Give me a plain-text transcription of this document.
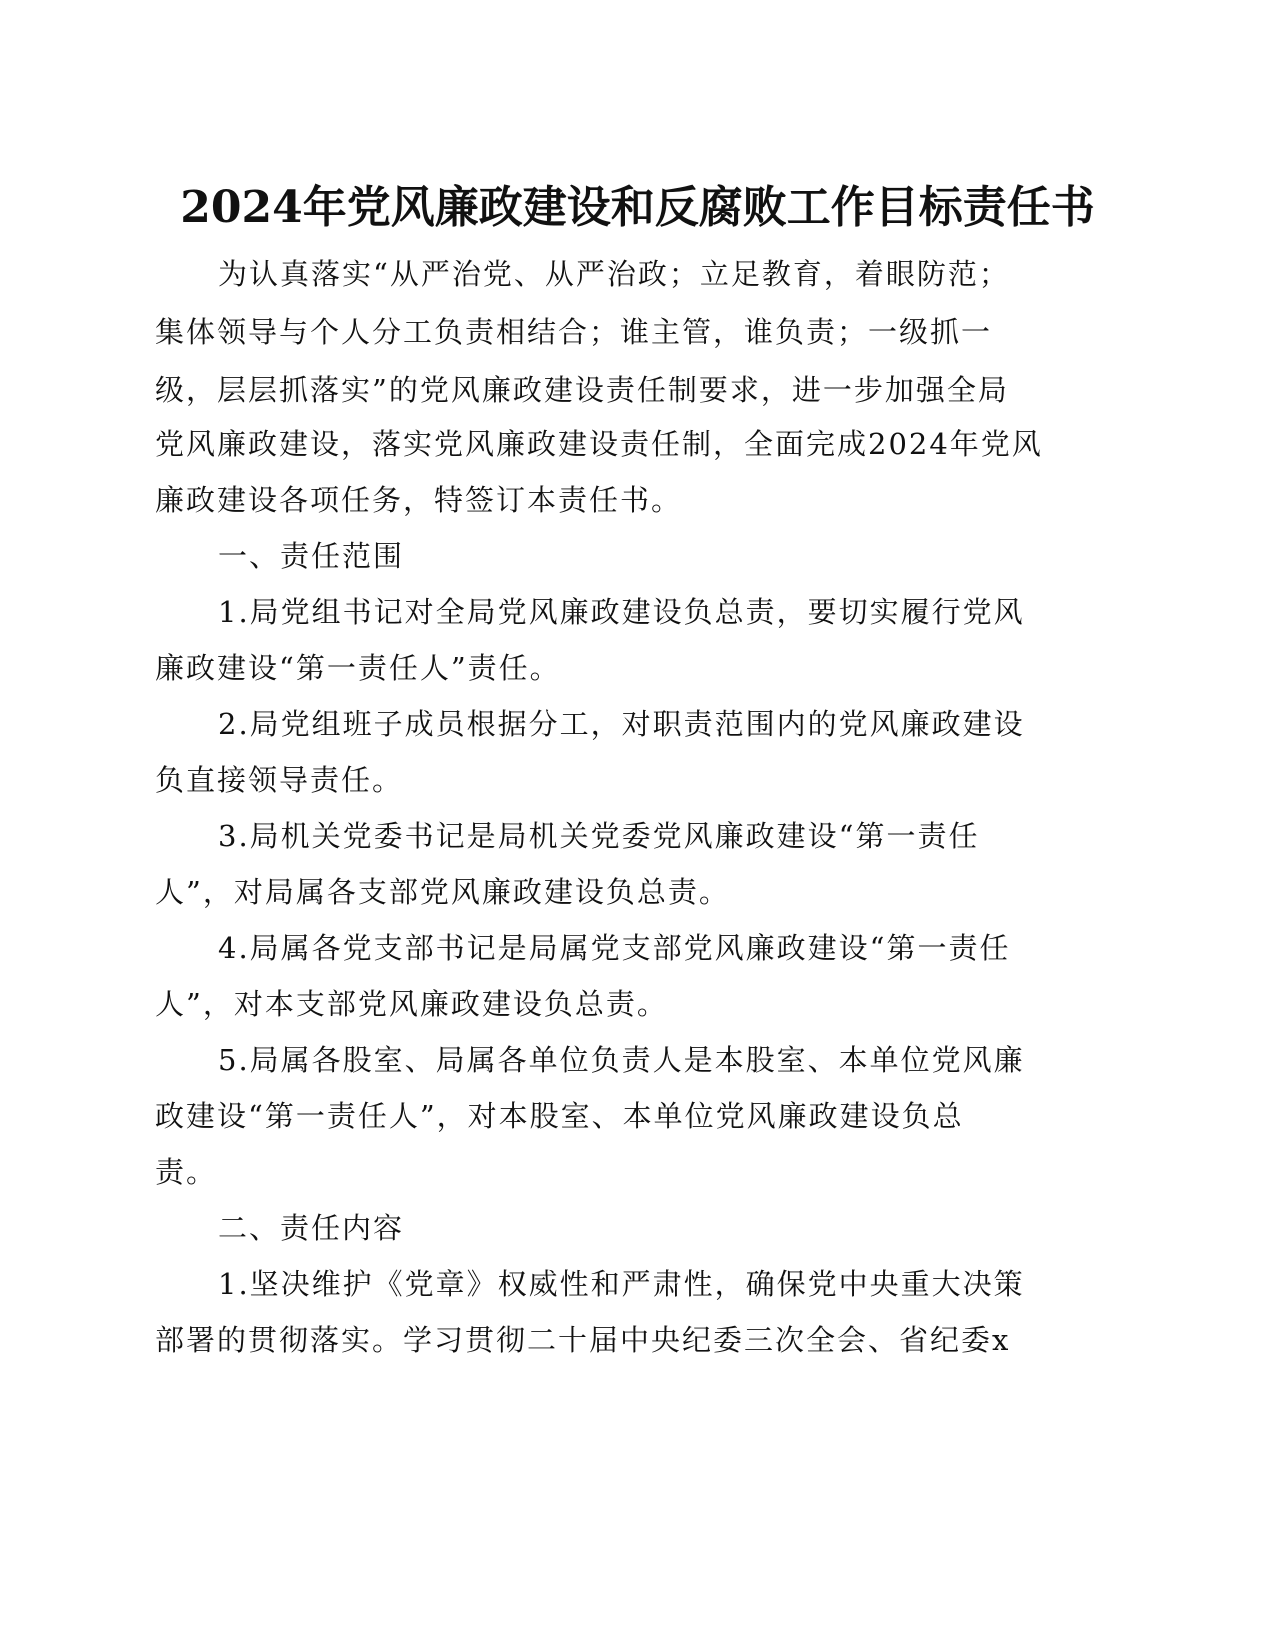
2024年党风廉政建设和反腐败工作目标责任书
为认真落实“从严治党、从严治政；立足教育，着眼防范；
集体领导与个人分工负责相结合；谁主管，谁负责；一级抓一
级，层层抓落实”的党风廉政建设责任制要求，进一步加强全局
党风廉政建设，落实党风廉政建设责任制，全面完成2024年党风
廉政建设各项任务，特签订本责任书。
一、责任范围
1.局党组书记对全局党风廉政建设负总责，要切实履行党风
廉政建设“第一责任人”责任。
2.局党组班子成员根据分工，对职责范围内的党风廉政建设
负直接领导责任。
3.局机关党委书记是局机关党委党风廉政建设“第一责任
人”，对局属各支部党风廉政建设负总责。
4.局属各党支部书记是局属党支部党风廉政建设“第一责任
人”，对本支部党风廉政建设负总责。
5.局属各股室、局属各单位负责人是本股室、本单位党风廉
政建设“第一责任人”，对本股室、本单位党风廉政建设负总
责。
二、责任内容
1.坚决维护《党章》权威性和严肃性，确保党中央重大决策
部署的贯彻落实。学习贯彻二十届中央纪委三次全会、省纪委x
